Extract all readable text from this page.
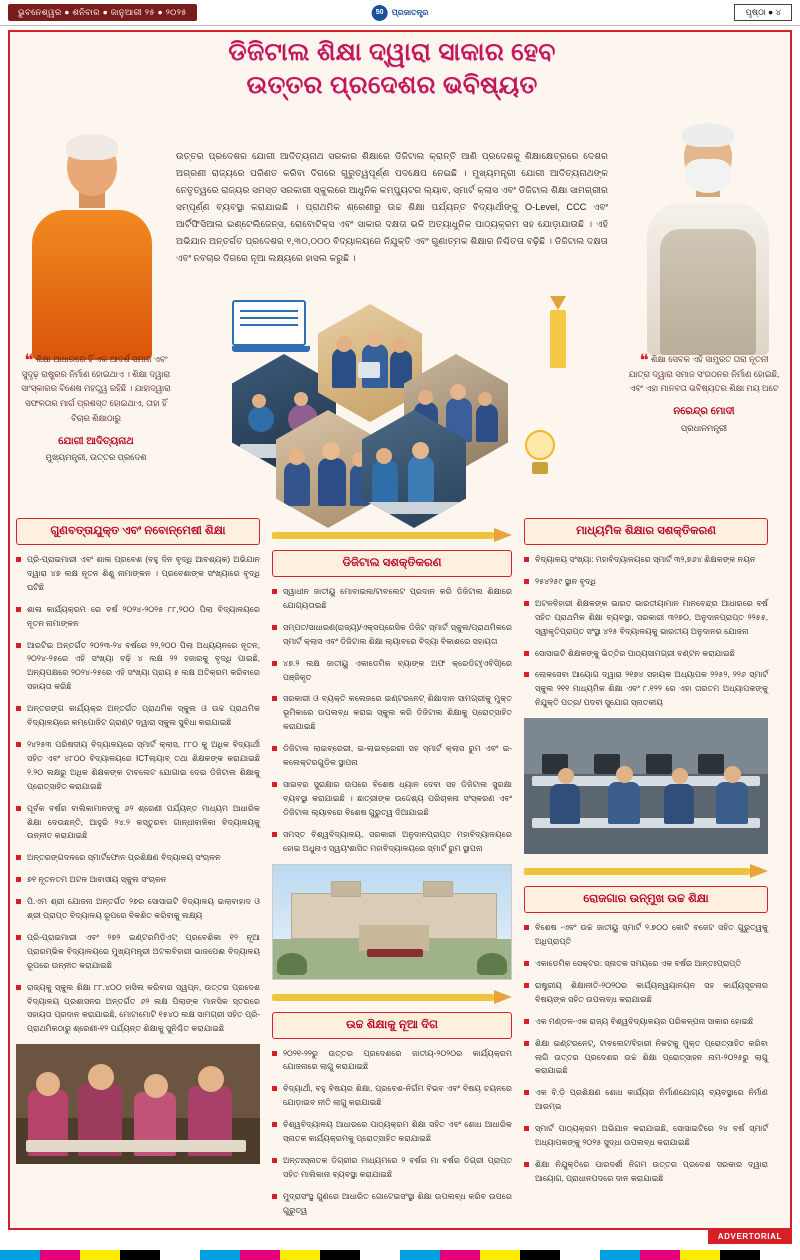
ଭୁବନେଶ୍ୱର ● ଶନିବାର ● ଜାନୁଆରୀ ୨୫ ● ୨୦୨୫	50	ପ୍ରଜାତନ୍ତ୍ର	ପୃଷ୍ଠା ● ୪
ଡିଜିଟାଲ ଶିକ୍ଷା ଦ୍ୱାରା ସାକାର ହେବ
ଉତ୍ତର ପ୍ରଦେଶର ଭବିଷ୍ୟତ
ଉତ୍ତର ପ୍ରଦେଶର ଯୋଗୀ ଆଦିତ୍ୟନାଥ ସରକାର ଶିକ୍ଷାରେ ଡିଜିଟାଲ କ୍ରାନ୍ତି ଆଣି ପ୍ରଦେଶକୁ ଶିକ୍ଷାକ୍ଷେତ୍ରରେ ଦେଶର ଅଗ୍ରଣୀ ରାଜ୍ୟରେ ପରିଣତ କରିବା ଦିଗରେ ଗୁରୁତ୍ୱପୂର୍ଣ୍ଣ ପଦକ୍ଷେପ ନେଇଛି । ମୁଖ୍ୟମନ୍ତ୍ରୀ ଯୋଗୀ ଆଦିତ୍ୟନାଥଙ୍କ ନେତୃତ୍ୱରେ ରାଜ୍ୟର ସମସ୍ତ ସରକାରୀ ସ୍କୁଲରେ ଆଧୁନିକ କମ୍ପ୍ୟୁଟର ଲ୍ୟାବ, ସ୍ମାର୍ଟ କ୍ଲାସ ଏବଂ ଡିଜିଟାଲ ଶିକ୍ଷା ସାମଗ୍ରୀର ସମ୍ପୂର୍ଣ୍ଣ ବ୍ୟବସ୍ଥା କରାଯାଇଛି । ପ୍ରାଥମିକ ଶ୍ରେଣୀରୁ ଉଚ୍ଚ ଶିକ୍ଷା ପର୍ଯ୍ୟନ୍ତ ବିଦ୍ୟାର୍ଥୀଙ୍କୁ O-Level, CCC ଏବଂ ଆର୍ଟିଫିସିଆଲ ଇଣ୍ଟେଲିଜେନ୍ସ, ରୋବୋଟିକ୍ସ ଏବଂ ସାକାର ଦକ୍ଷତା ଭଳି ଅତ୍ୟାଧୁନିକ ପାଠ୍ୟକ୍ରମ ସହ ଯୋଡ଼ାଯାଉଛି । ଏହି ଅଭିଯାନ ଅନ୍ତର୍ଗତ ପ୍ରଦେଶର ୧,୩୦,୦୦୦ ବିଦ୍ୟାଳୟରେ ନିଯୁକ୍ତି ଏବଂ ଗୁଣାତ୍ମକ ଶିକ୍ଷାର ନିଶ୍ଚିତତା ବଢ଼ିଛି । ଡିଜିଟାଲ ଦକ୍ଷତା ଏବଂ ନବଚାର ଦିଗରେ ନୂଆ ଲକ୍ଷ୍ୟରେ ହାସଲ କରୁଛି ।
❝ ଶିକ୍ଷା ଆଧାରରେ ହିଁ ଏକ ଆଦର୍ଶ ସମାଜ ଏବଂ ସୁଦୃଢ଼ ରାଷ୍ଟ୍ରର ନିର୍ମାଣ ହୋଇଥାଏ । ଶିକ୍ଷା ଦ୍ୱାରା ସାଂସ୍କାରର ବିଶେଷ ମହତ୍ତ୍ୱ ରହିଛି । ଯାହାଦ୍ୱାରା ସଫଳତାର ମାର୍ଗ ପ୍ରଶସ୍ତ ହୋଇଥାଏ, ତାହା ହିଁ ବିଚାର ଶିକ୍ଷାଠାରୁ
ଯୋଗୀ ଆଦିତ୍ୟନାଥ
ମୁଖ୍ୟମନ୍ତ୍ରୀ, ଉତ୍ତର ପ୍ରଦେଶ
❝ ଶିକ୍ଷା ସେବକ ଏହି ସାମ୍ପ୍ରତ ତାରା ନୂତନୀ ଯାତ୍ରା ଦ୍ୱାରା ସମାଜ ସଂଗଠନର ନିର୍ମାଣ ହୋଇଛି, ଏବଂ ଏହା ମାନବତା ଭବିଷ୍ୟତର ଶିକ୍ଷା ମୟ ଅଟେ
ନରେନ୍ଦ୍ର ମୋଦୀ
ପ୍ରଧାନମନ୍ତ୍ରୀ
ଗୁଣବତ୍ତାଯୁକ୍ତ ଏବଂ ନବୋନ୍ମେଷୀ ଶିକ୍ଷା
ପ୍ରି-ପ୍ରାଇମାରୀ ଏବଂ ଶାଳା ପ୍ରବେଶ (ବହୁ ଦିନ ବୃଦ୍ଧି ଆବଶ୍ୟକ) ଅଭିଯାନ ଦ୍ୱାରା ୪୭ ଲକ୍ଷ ନୂତନ ଶିଶୁ ନାମାଙ୍କନ । ପ୍ରବେଶାଙ୍କ ସଂଖ୍ୟାରେ ବୃଦ୍ଧି ଘଟିଛି
ଶାଳା କାର୍ଯ୍ୟକ୍ରମ ରେ ବର୍ଷ ୨୦୨୪-୨୦୨୫ ୮୮,୨୦୦ ପିଲା ବିଦ୍ୟାଳୟରେ ନୂତନ ନାମାଙ୍କନ
ଆରଟିଇ ଅନ୍ତର୍ଗତ ୨୦୨୩-୨୪ ବର୍ଷରେ ୨୨,୨୦୦ ପିଲା ଅଧ୍ୟୟନରେ ନୂତନ, ୨୦୨୪-୨୫ରେ ଏହି ସଂଖ୍ୟା ବଢ଼ି ୪ ଲକ୍ଷ ୨୨ ହଜାରକୁ ବୃଦ୍ଧି ପାଇଛି, ଅନ୍ୟପକ୍ଷରେ ୨୦୨୪-୨୫ରେ ଏହି ସଂଖ୍ୟା ପ୍ରାୟ ୫ ଲକ୍ଷ ଅତିକ୍ରମ କରିବାରେ ସହାୟତା କରିଛି
ଅନ୍ତରଙ୍ଗ କାର୍ଯ୍ୟକ୍ର ଅନ୍ତର୍ଗତ ପ୍ରାଥମିକ ସ୍କୁଲ ଓ ଉଚ୍ଚ ପ୍ରାଥମିକ ବିଦ୍ୟାଳୟରେ କମ୍ପୋଜିଟ ଗ୍ରାଣ୍ଟ ଦ୍ୱାରା ସ୍କୁଲ ସୁବିଧା କରାଯାଇଛି
୨୪୨୫୩ ପରିଷଦୀୟ ବିଦ୍ୟାଳୟରେ ସ୍ମାର୍ଟ କ୍ଲାସ, ୮୮୦ କୁ ଅଧିକ ବିଦ୍ୟାର୍ଥୀ ସହିତ ଏବଂ ୪୮୦୦ ବିଦ୍ୟାଳୟରେ ICTଲ୍ୟାବ୍ ତଥା ଶିକ୍ଷକଙ୍କ କରାଯାଇଛି ୨.୨୦ ଲକ୍ଷରୁ ଅଧିକ ଶିକ୍ଷକଙ୍କ ଟାବଲେଟ ଯୋଗାଇ ଦେଇ ଡିଜିଟାଲ ଶିକ୍ଷାକୁ ପ୍ରୋତ୍ସାହିତ କରାଯାଇଛି
ପୂର୍ବକ ବର୍ଷର ବାଲିକାମାନଙ୍କୁ ୬୨ ଶ୍ରେଣୀ ପର୍ଯ୍ୟନ୍ତ ମାଧ୍ୟମ ଆଧାରିକ ଶିକ୍ଷା ଦେଉଛନ୍ତି, ଆହୁରି ୨୪.୨ କସ୍ତୁରବା ଗାନ୍ଧୀବାଳିକା ବିଦ୍ୟାଳୟକୁ ଉନ୍ନୀତ କରାଯାଇଛି
ଅନ୍ତରଙ୍ଗଦଳରେ ସ୍ମାର୍ଟଫୋନ ପ୍ରଶିକ୍ଷଣ ବିଦ୍ୟାଳୟ ସଂଚାଳନ
୭୧ ନୂତନତମ ଅଟଳ ଆବାସୀୟ ସ୍କୁଲ ସଂଚାଳନ
ପି.ଏମ ଶ୍ରୀ ଯୋଜନା ଅନ୍ତର୍ଗତ ୨୭ର ସୋସାଇଟି ବିଦ୍ୟାଳୟ ଇଲାବାହାଦ ଓ ଶ୍ରୀ ପ୍ରାପ୍ତ ବିଦ୍ୟାଳୟ ରୂପରେ ବିକଶିତ କରିବାକୁ ଲକ୍ଷ୍ୟ
ପ୍ରି-ପ୍ରାଇମାରୀ ଏବଂ ୨୭୨ ଇଣ୍ଟରମିଡ଼ିଏଟ୍ ପ୍ରବେଶିକା ୧୨ ନୂଆ ପ୍ରାରମ୍ଭିକ ବିଦ୍ୟାଳୟରେ ମୁଖ୍ୟମନ୍ତ୍ରୀ ଅଟଲବିହାରୀ ଭାଜପେଈ ବିଦ୍ୟାଳୟ ରୂପରେ ଉନ୍ନୀତ କରାଯାଇଛି
ରାଜ୍ୟକୁ ସ୍କୁଲ ଶିକ୍ଷା ୮୮.୪୦୦ ହାସିଲ କରିବାର ସ୍ୱପ୍ନ, ଉତ୍ତର ପ୍ରଦେଶ ବିଦ୍ୟାଳୟ ପ୍ରଶାସନର ଅନ୍ତର୍ଗତ ୬୨ ଲକ୍ଷ ପିଲାଙ୍କ ମାନସିକ ସ୍ତରରେ ସହାୟତା ପ୍ରଦାନ କରାଯାଇଛି, ମୋଟାମୋଟି ୧୫୪୦ ଲକ୍ଷ ସାମଗ୍ରୀ ସହିତ ପ୍ରି-ପ୍ରାଥମିକଠାରୁ ଶ୍ରେଣୀ-୧୨ ପର୍ଯ୍ୟନ୍ତ ଶିକ୍ଷାକୁ ସୁନିଶ୍ଚିତ କରାଯାଇଛି
ଡିଜିଟାଲ ସଶକ୍ତିକରଣ
ସ୍ୱାଧୀନ ଜାତୀୟୁ ମୋବାଇଲ/ଟାବଲେଟ ପ୍ରଦାନ କରି ଡିଜିଟାଲ ଶିକ୍ଷାରେ ଯୋଗ୍ୟତାଇଛି
ସମ୍ପତ/ସାଧାରଣ(ରାଜ୍ୟ)/ଏକ୍ସପ୍ରେସିକ ଡିଜିଟ ସ୍ମାର୍ଟ ସ୍କୁଲ/ପ୍ରାଥମିକରେ ସ୍ମାର୍ଟ କ୍ଲାସ ଏବଂ ଡିଜିଟାଲ ଶିକ୍ଷା ଲ୍ୟାବରେ ବିଦ୍ୟା ବିକାଶରେ ସହାୟତା
୪୭.୨ ଲକ୍ଷ ଜାତୀୟୁ ଏକାଡେମିକ ବ୍ୟାଙ୍କ ଅଫ କ୍ରେଡିଟ୍(ଏବିସି)ରେ ପଞ୍ଜିକୃତ
ସରକାରୀ ଓ ବ୍ୟକ୍ତି କଲେଜରେ ଇଣ୍ଟରନେଟ୍ ଶିକ୍ଷାଦାନ ସାମଗ୍ରୀକୁ ମୁକ୍ତ ଭୂମିକାରେ ଉପଲବ୍ଧ କରାଇ ସ୍କୁଲ କରି ଡିଜିଟାଲ ଶିକ୍ଷାକୁ ପ୍ରୋତ୍ସାହିତ କରାଯାଇଛି
ଡିଜିଟାଲ ଲାଇବ୍ରେରୀ, ଇ-ଲାଇବ୍ରେରୀ ସହ ସ୍ମାର୍ଟ କ୍ଲାସ ରୁମ ଏବଂ ଇ-କଲେକ୍ଟରଗୁଡ଼ିକ ସ୍ଥାପନା
ସାଇବର ସୁରକ୍ଷାର ଉପରେ ବିଶେଷ ଧ୍ୟାନ ଦେବା ସହ ଡିଜିଟାଲ ସୁରକ୍ଷା ବ୍ୟବସ୍ଥା କରାଯାଇଛି । ଛାତ୍ରୀଙ୍କ ଉଦ୍ଦେଶ୍ୟ ପରିଚାଳନା ସଂସ୍କରଣ ଏବଂ ଡିଜିଟାଲ ଲ୍ୟାବରେ ବିଶେଷ ଗୁରୁତ୍ୱ ଦିଆଯାଇଛି
ସମସ୍ତ ବିଶ୍ୱବିଦ୍ୟାଳୟ, ସରକାରୀ ଅନୁଦାନପ୍ରାପ୍ତ ମହାବିଦ୍ୟାଳୟରେ ହୋଇ ଅଧୁନାଏ ସ୍ୱୟଂଶାସିତ ମହାବିଦ୍ୟାଳୟରେ ସ୍ମାର୍ଟ ରୁମ ସ୍ଥାପନା
ଉଚ୍ଚ ଶିକ୍ଷାକୁ ନୂଆ ଦିଗ
୨୦୨୧-୨୨ରୁ ଉତ୍ତର ପ୍ରଦେଶରେ ଜାତୀୟ-୨୦୨୦ର କାର୍ଯ୍ୟକ୍ରମ ଯୋଜନାରେ ଲାଗୁ କରାଯାଇଛି
ବିଦ୍ୟାର୍ଥୀ, ବହୁ ବିଷୟର ଶିକ୍ଷା, ପ୍ରବେଶ-ନିର୍ଗମ ବିଭବ ଏବଂ ବିଷୟ ଚୟନରେ ଯୋଡ଼ାଇବ ନୀତି ଲାଗୁ କରାଯାଇଛି
ବିଶ୍ୱବିଦ୍ୟାଳୟ ଆଧାରରେ ପାଠ୍ୟକ୍ରମ ଶିକ୍ଷା ସହିତ ଏବଂ ଶୋଧ ଆଧାରିକ ସ୍ନାତକ କାର୍ଯ୍ୟକ୍ରମକୁ ପ୍ରୋତ୍ସାହିତ କରାଯାଇଛି
ଅନ୍ତଃସ୍ନାତକ ଡିଗ୍ରୀର ମାଧ୍ୟମରେ ୨ ବର୍ଷର ମା ବର୍ଷର ଡିଗ୍ରୀ ପ୍ରାପ୍ତ ସହିତ ମାଲିକାନା ବ୍ୟବସ୍ଥା କରାଯାଇଛି
ମୁଦ୍ରାସଂସ୍ଥ ଗୁଣରେ ଆଧାରିତ ଗୋଟେଇସଂସ୍ଥା ଶିକ୍ଷା ଉପଲବ୍ଧ କରିବ ଉପରେ ଗୁରୁତ୍ୱ
ମାଧ୍ୟମିକ ଶିକ୍ଷାର ସଶକ୍ତିକରଣ
ବିଦ୍ୟାଳୟ ସଂଖ୍ୟା: ମହାବିଦ୍ୟାଳୟରେ ସ୍ମାର୍ଟ ୩୨,୭୬୪ ଶିକ୍ଷକଙ୍କ ନୟନ
୨୫୪୨୫୯ ସ୍ଥାନ ବୃଦ୍ଧି
ଅଟଳବିହାରୀ ଶିକ୍ଷକଙ୍କ ଭାରତ ଭାରତୀୟାମାନ ମାନବେନ୍ଦ୍ର ଆଧାରରେ ବର୍ଷ ସହିତ ପ୍ରାଥମିକ ଶିକ୍ଷା ବ୍ୟବସ୍ଥା, ସରକାରୀ ୩୨୭୦, ଅନୁଦାନପ୍ରାପ୍ତ ୨୨୫୫, ସ୍ୱୀକୃତିପ୍ରାପ୍ତ ସଂସ୍ଥା ୪୨୫ ବିଦ୍ୟାଳୟକୁ ଭାରତୀୟ ଅନୁଦାନର ଯୋଜନା
ସୋସାଇଟି ଶିକ୍ଷକଙ୍କୁ ଭିତ୍ତିର ପାଠ୍ୟସାମଗ୍ରୀ ବଣ୍ଟନ କରାଯାଇଛି
ଲୋକସେବା ଆୟୋଗ ଦ୍ୱାରା ୨୧୭୪ ସହାୟକ ଅଧ୍ୟାପକ ୨୨୫୨, ୨୨୬ ସ୍ମାର୍ଟ ସ୍କୁଲ ୨୧୧ ମାଧ୍ୟମିକ ଶିକ୍ଷା ଏବଂ ୮.୧୨୨ ରେ ଏହା ତାରତମ ଅଧ୍ୟାପକଙ୍କୁ ନିଯୁକ୍ତି ପତ୍ର/ ପଦବୀ ସୁଯୋଗ ସ୍ନାତକୀୟ
ରୋଜଗାର ଉନ୍ମୁଖ ଉଚ୍ଚ ଶିକ୍ଷା
ବିଶେଷ -ଏବଂ ଉଚ୍ଚ ଜାତୀୟୁ ସ୍ମାର୍ଟ ୨.୭୦୦ କୋଟି ବଜେଟ ସହିତ ଗୁରୁତ୍ୱକୁ ଅଧିପ୍ରାପ୍ତି
ଏକାଡେମିକ ସେକ୍ଟର: ସ୍ନାତକ ସମୟରେ ଏକ ବର୍ଷର ଆନ୍ତଃପ୍ରାପ୍ତି
ରାଷ୍ଟ୍ରୀୟ ଶିକ୍ଷାନୀତି-୨୦୨୦ର କାର୍ଯ୍ୟନ୍ୱୟାନୟନ ସହ କାର୍ଯ୍ୟସୂଚନାର ବିଷୟଙ୍କ ସହିତ ଉପଲବ୍ଧ କରାଯାଇଛି
ଏକ ମଣ୍ଡଳ-ଏକ ରାଜ୍ୟ ବିଶ୍ୱବିଦ୍ୟାଳୟର ପରିକଳ୍ପନା ସାକାର ହୋଇଛି
ଶିକ୍ଷା ଇଣ୍ଟରନେଟ୍, ଟାବଲେଟ/ବିହାରୀ ନିକଟକୁ ମୁକ୍ତ ପ୍ରୋତ୍ସାହିତ କରିବା ଲାଗି ଉତ୍ତର ପ୍ରଦେଶର ଉଚ୍ଚ ଶିକ୍ଷା ପ୍ରୋତ୍ସାହନ ନାମ-୨୦୨୫ରୁ ଲାଗୁ କରାଯାଇଛି
ଏକ ବି.ଡ଼ି ପ୍ରଶିକ୍ଷଣ ଶୋଧ କାର୍ଯ୍ୟର ନିର୍ମାଣଯୋଗ୍ୟ ବ୍ୟବସ୍ଥାରେ ନିର୍ମାଣ ଆରମ୍ଭ
ସ୍ମାର୍ଟ ପାଠ୍ୟକ୍ରମ ଅଭିଯାନ କରାଯାଇଛି, ସୋସାଇଟିରେ ୨୪ ବର୍ଷ ସ୍ମାର୍ଟ ଅଧ୍ୟାପକଙ୍କୁ ୨୦୨୫ ସୁଦ୍ଧା ଉପଲବ୍ଧ କରାଯାଇଛି
ଶିକ୍ଷା ନିଯୁକ୍ତିରେ ପାରଦର୍ଶୀ ନିଗମ ଉତ୍ତର ପ୍ରଦେଶ ସରକାର ଦ୍ୱାରା ଆୟୋଗ, ପ୍ରାଧାନପଦରେ ଦାନ କରାଯାଇଛି
ADVERTORIAL
